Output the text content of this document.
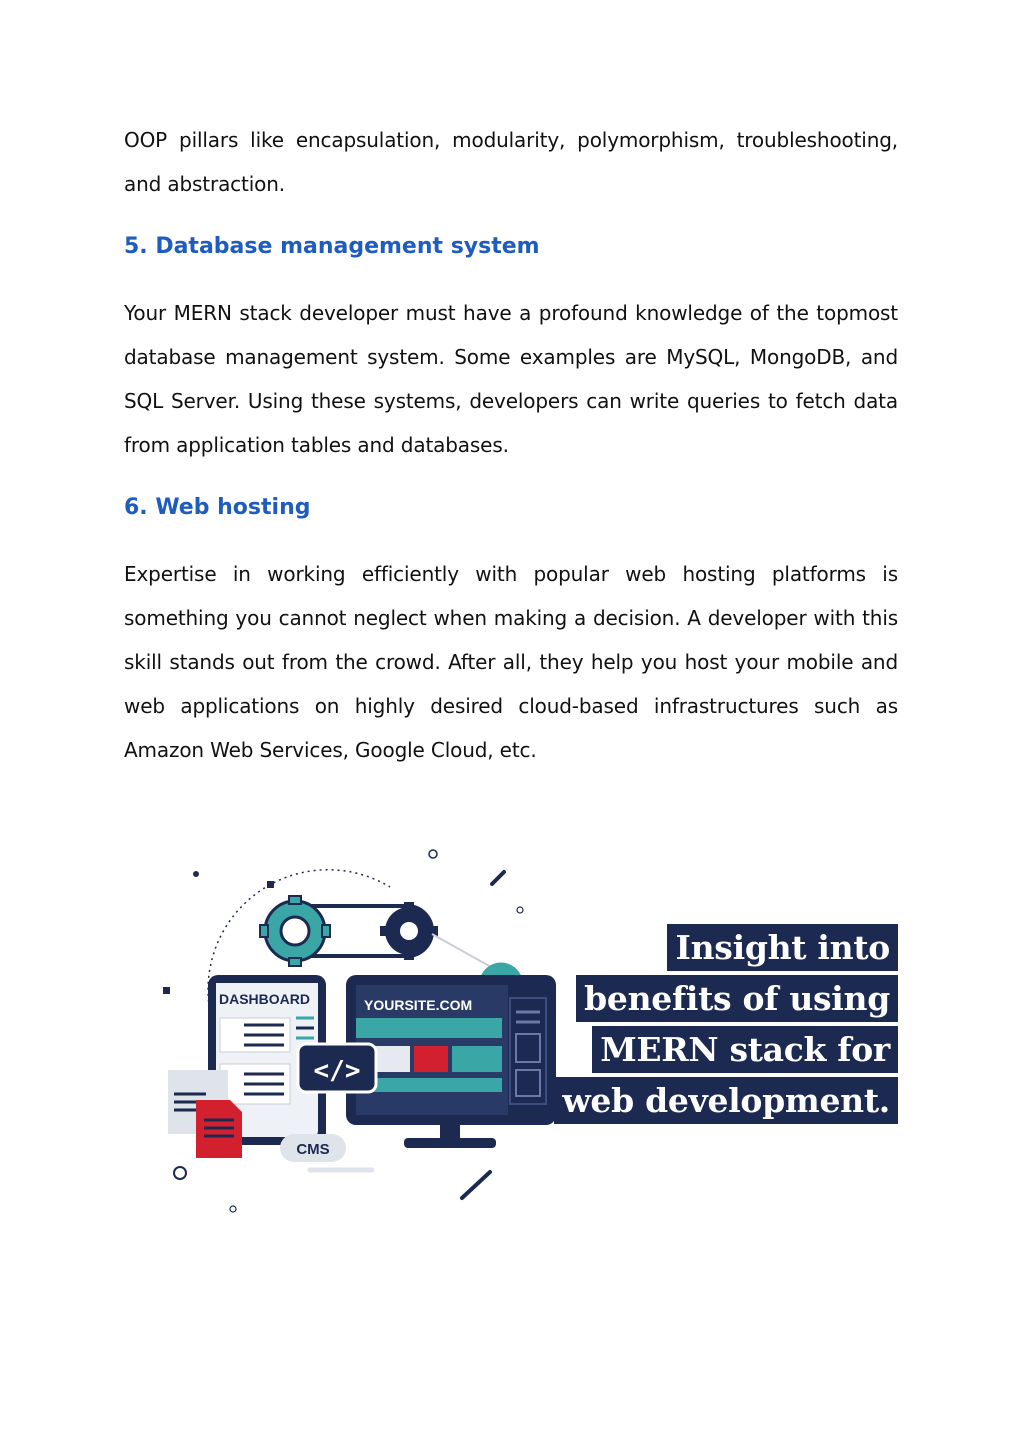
OOP pillars like encapsulation, modularity, polymorphism, troubleshooting, and abstraction.

5. Database management system

Your MERN stack developer must have a profound knowledge of the topmost database management system. Some examples are MySQL, MongoDB, and SQL Server. Using these systems, developers can write queries to fetch data from application tables and databases.

6. Web hosting

Expertise in working efficiently with popular web hosting platforms is something you cannot neglect when making a decision. A developer with this skill stands out from the crowd. After all, they help you host your mobile and web applications on highly desired cloud-based infrastructures such as Amazon Web Services, Google Cloud, etc.

DASHBOARD	YOURSITE.COM
</>
CMS
Insight into
benefits of using
MERN stack for
web development.
